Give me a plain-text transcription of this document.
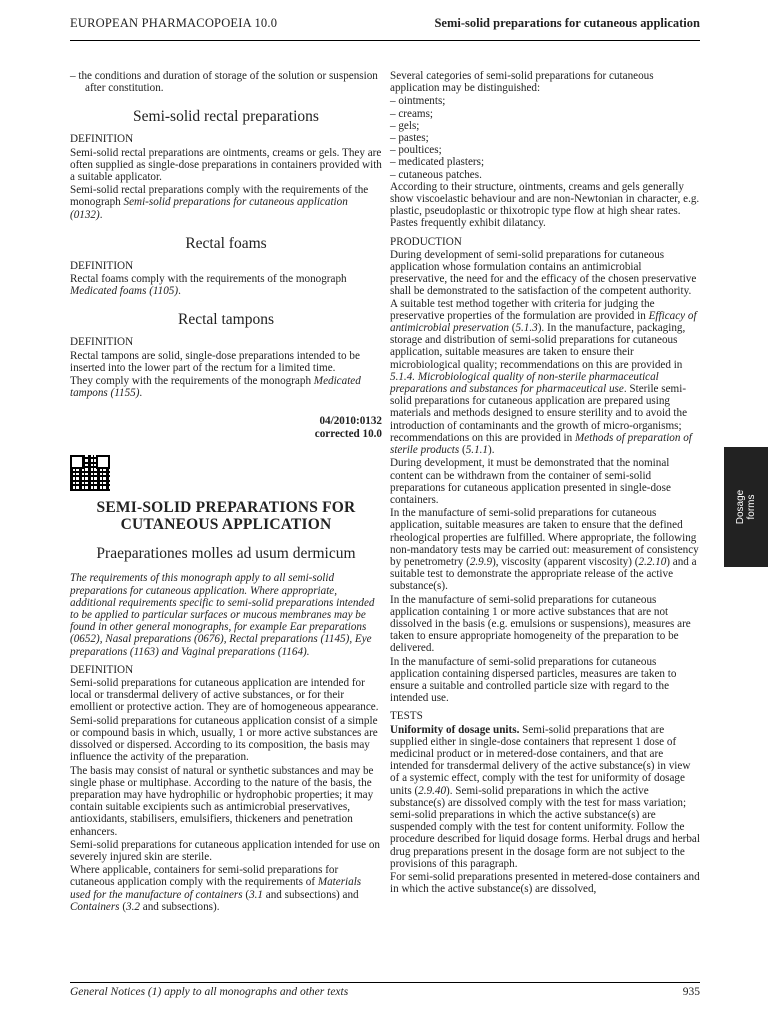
EUROPEAN PHARMACOPOEIA 10.0	Semi-solid preparations for cutaneous application

– the conditions and duration of storage of the solution or suspension after constitution.

Semi-solid rectal preparations

DEFINITION

Semi-solid rectal preparations are ointments, creams or gels. They are often supplied as single-dose preparations in containers provided with a suitable applicator.

Semi-solid rectal preparations comply with the requirements of the monograph Semi-solid preparations for cutaneous application (0132).

Rectal foams

DEFINITION

Rectal foams comply with the requirements of the monograph Medicated foams (1105).

Rectal tampons

DEFINITION

Rectal tampons are solid, single-dose preparations intended to be inserted into the lower part of the rectum for a limited time.

They comply with the requirements of the monograph Medicated tampons (1155).

04/2010:0132
corrected 10.0
SEMI-SOLID PREPARATIONS FOR CUTANEOUS APPLICATION
Praeparationes molles ad usum dermicum

The requirements of this monograph apply to all semi-solid preparations for cutaneous application. Where appropriate, additional requirements specific to semi-solid preparations intended to be applied to particular surfaces or mucous membranes may be found in other general monographs, for example Ear preparations (0652), Nasal preparations (0676), Rectal preparations (1145), Eye preparations (1163) and Vaginal preparations (1164).

DEFINITION

Semi-solid preparations for cutaneous application are intended for local or transdermal delivery of active substances, or for their emollient or protective action. They are of homogeneous appearance.

Semi-solid preparations for cutaneous application consist of a simple or compound basis in which, usually, 1 or more active substances are dissolved or dispersed. According to its composition, the basis may influence the activity of the preparation.

The basis may consist of natural or synthetic substances and may be single phase or multiphase. According to the nature of the basis, the preparation may have hydrophilic or hydrophobic properties; it may contain suitable excipients such as antimicrobial preservatives, antioxidants, stabilisers, emulsifiers, thickeners and penetration enhancers.

Semi-solid preparations for cutaneous application intended for use on severely injured skin are sterile.

Where applicable, containers for semi-solid preparations for cutaneous application comply with the requirements of Materials used for the manufacture of containers (3.1 and subsections) and Containers (3.2 and subsections).

Several categories of semi-solid preparations for cutaneous application may be distinguished:

– ointments;

– creams;

– gels;

– pastes;

– poultices;

– medicated plasters;

– cutaneous patches.

According to their structure, ointments, creams and gels generally show viscoelastic behaviour and are non-Newtonian in character, e.g. plastic, pseudoplastic or thixotropic type flow at high shear rates. Pastes frequently exhibit dilatancy.

PRODUCTION

During development of semi-solid preparations for cutaneous application whose formulation contains an antimicrobial preservative, the need for and the efficacy of the chosen preservative shall be demonstrated to the satisfaction of the competent authority. A suitable test method together with criteria for judging the preservative properties of the formulation are provided in Efficacy of antimicrobial preservation (5.1.3). In the manufacture, packaging, storage and distribution of semi-solid preparations for cutaneous application, suitable measures are taken to ensure their microbiological quality; recommendations on this are provided in 5.1.4. Microbiological quality of non-sterile pharmaceutical preparations and substances for pharmaceutical use. Sterile semi-solid preparations for cutaneous application are prepared using materials and methods designed to ensure sterility and to avoid the introduction of contaminants and the growth of micro-organisms; recommendations on this are provided in Methods of preparation of sterile products (5.1.1).

During development, it must be demonstrated that the nominal content can be withdrawn from the container of semi-solid preparations for cutaneous application presented in single-dose containers.

In the manufacture of semi-solid preparations for cutaneous application, suitable measures are taken to ensure that the defined rheological properties are fulfilled. Where appropriate, the following non-mandatory tests may be carried out: measurement of consistency by penetrometry (2.9.9), viscosity (apparent viscosity) (2.2.10) and a suitable test to demonstrate the appropriate release of the active substance(s).

In the manufacture of semi-solid preparations for cutaneous application containing 1 or more active substances that are not dissolved in the basis (e.g. emulsions or suspensions), measures are taken to ensure appropriate homogeneity of the preparation to be delivered.

In the manufacture of semi-solid preparations for cutaneous application containing dispersed particles, measures are taken to ensure a suitable and controlled particle size with regard to the intended use.

TESTS

Uniformity of dosage units. Semi-solid preparations that are supplied either in single-dose containers that represent 1 dose of medicinal product or in metered-dose containers, and that are intended for transdermal delivery of the active substance(s) in view of a systemic effect, comply with the test for uniformity of dosage units (2.9.40). Semi-solid preparations in which the active substance(s) are dissolved comply with the test for mass variation; semi-solid preparations in which the active substance(s) are suspended comply with the test for content uniformity. Follow the procedure described for liquid dosage forms. Herbal drugs and herbal drug preparations present in the dosage form are not subject to the provisions of this paragraph.

For semi-solid preparations presented in metered-dose containers and in which the active substance(s) are dissolved,

Dosage forms
General Notices (1) apply to all monographs and other texts	935
